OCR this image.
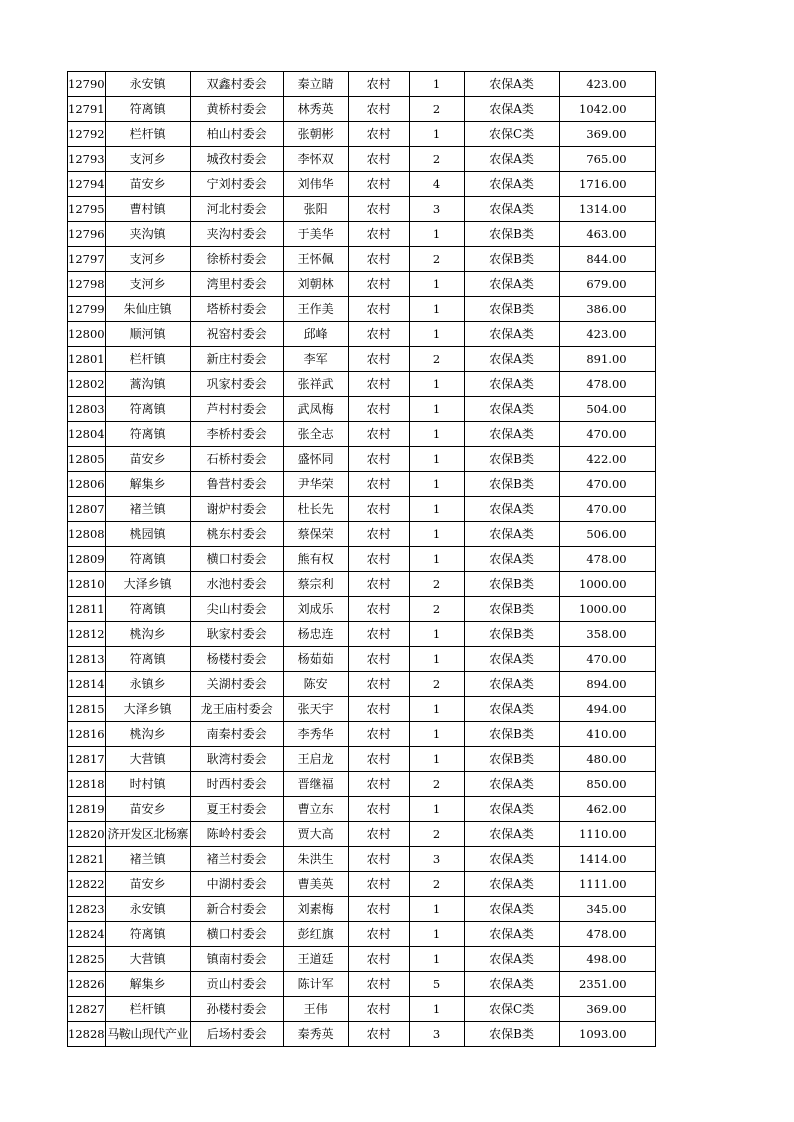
12790	永安镇	双鑫村委会	秦立睛	农村	1	农保A类	423.00
12791	符离镇	黄桥村委会	林秀英	农村	2	农保A类	1042.00
12792	栏杆镇	柏山村委会	张朝彬	农村	1	农保C类	369.00
12793	支河乡	城孜村委会	李怀双	农村	2	农保A类	765.00
12794	苗安乡	宁刘村委会	刘伟华	农村	4	农保A类	1716.00
12795	曹村镇	河北村委会	张阳	农村	3	农保A类	1314.00
12796	夹沟镇	夹沟村委会	于美华	农村	1	农保B类	463.00
12797	支河乡	徐桥村委会	王怀佩	农村	2	农保B类	844.00
12798	支河乡	湾里村委会	刘朝林	农村	1	农保A类	679.00
12799	朱仙庄镇	塔桥村委会	王作美	农村	1	农保B类	386.00
12800	顺河镇	祝窑村委会	邱峰	农村	1	农保A类	423.00
12801	栏杆镇	新庄村委会	李军	农村	2	农保A类	891.00
12802	蒿沟镇	巩家村委会	张祥武	农村	1	农保A类	478.00
12803	符离镇	芦村村委会	武凤梅	农村	1	农保A类	504.00
12804	符离镇	李桥村委会	张全志	农村	1	农保A类	470.00
12805	苗安乡	石桥村委会	盛怀同	农村	1	农保B类	422.00
12806	解集乡	鲁营村委会	尹华荣	农村	1	农保B类	470.00
12807	褚兰镇	谢炉村委会	杜长先	农村	1	农保A类	470.00
12808	桃园镇	桃东村委会	蔡保荣	农村	1	农保A类	506.00
12809	符离镇	横口村委会	熊有权	农村	1	农保A类	478.00
12810	大泽乡镇	水池村委会	蔡宗利	农村	2	农保B类	1000.00
12811	符离镇	尖山村委会	刘成乐	农村	2	农保B类	1000.00
12812	桃沟乡	耿家村委会	杨忠连	农村	1	农保B类	358.00
12813	符离镇	杨楼村委会	杨茹茹	农村	1	农保A类	470.00
12814	永镇乡	关湖村委会	陈安	农村	2	农保A类	894.00
12815	大泽乡镇	龙王庙村委会	张天宇	农村	1	农保A类	494.00
12816	桃沟乡	南秦村委会	李秀华	农村	1	农保B类	410.00
12817	大营镇	耿湾村委会	王启龙	农村	1	农保B类	480.00
12818	时村镇	时西村委会	晋继福	农村	2	农保A类	850.00
12819	苗安乡	夏王村委会	曹立东	农村	1	农保A类	462.00
12820	济开发区北杨寨	陈岭村委会	贾大高	农村	2	农保A类	1110.00
12821	褚兰镇	褚兰村委会	朱洪生	农村	3	农保A类	1414.00
12822	苗安乡	中湖村委会	曹美英	农村	2	农保A类	1111.00
12823	永安镇	新合村委会	刘素梅	农村	1	农保A类	345.00
12824	符离镇	横口村委会	彭红旗	农村	1	农保A类	478.00
12825	大营镇	镇南村委会	王道廷	农村	1	农保A类	498.00
12826	解集乡	贡山村委会	陈计军	农村	5	农保A类	2351.00
12827	栏杆镇	孙楼村委会	王伟	农村	1	农保C类	369.00
12828	马鞍山现代产业	后场村委会	秦秀英	农村	3	农保B类	1093.00
